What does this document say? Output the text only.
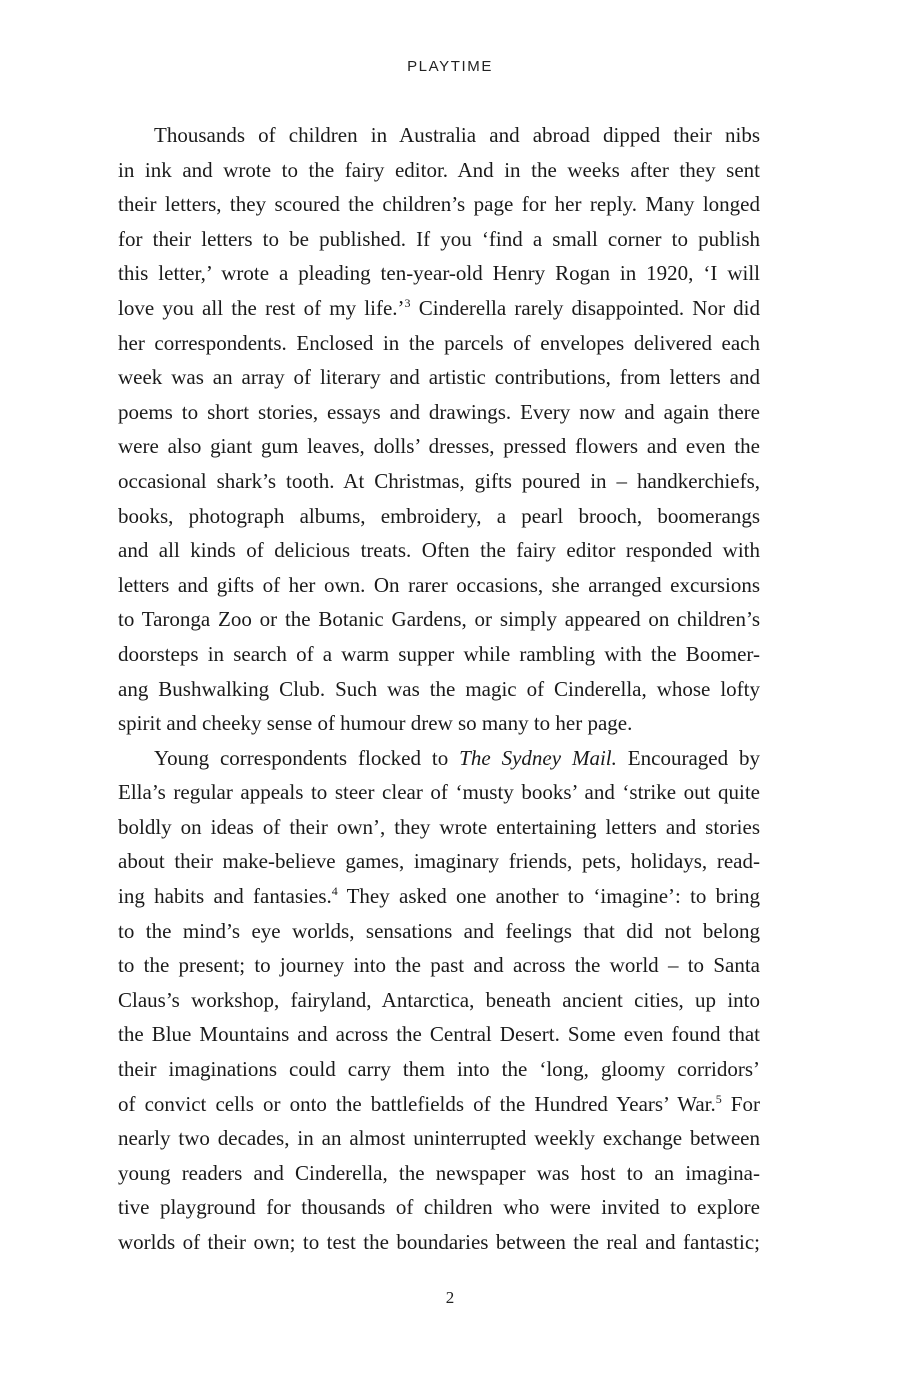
PLAYTIME
Thousands of children in Australia and abroad dipped their nibs
in ink and wrote to the fairy editor. And in the weeks after they sent
their letters, they scoured the children’s page for her reply. Many longed
for their letters to be published. If you ‘find a small corner to publish
this letter,’ wrote a pleading ten-year-old Henry Rogan in 1920, ‘I will
love you all the rest of my life.’$^3$ Cinderella rarely disappointed. Nor did
her correspondents. Enclosed in the parcels of envelopes delivered each
week was an array of literary and artistic contributions, from letters and
poems to short stories, essays and drawings. Every now and again there
were also giant gum leaves, dolls’ dresses, pressed flowers and even the
occasional shark’s tooth. At Christmas, gifts poured in – handkerchiefs,
books, photograph albums, embroidery, a pearl brooch, boomerangs
and all kinds of delicious treats. Often the fairy editor responded with
letters and gifts of her own. On rarer occasions, she arranged excursions
to Taronga Zoo or the Botanic Gardens, or simply appeared on children’s
doorsteps in search of a warm supper while rambling with the Boomer-
ang Bushwalking Club. Such was the magic of Cinderella, whose lofty
spirit and cheeky sense of humour drew so many to her page.
Young correspondents flocked to The Sydney Mail. Encouraged by
Ella’s regular appeals to steer clear of ‘musty books’ and ‘strike out quite
boldly on ideas of their own’, they wrote entertaining letters and stories
about their make-believe games, imaginary friends, pets, holidays, read-
ing habits and fantasies.$^4$ They asked one another to ‘imagine’: to bring
to the mind’s eye worlds, sensations and feelings that did not belong
to the present; to journey into the past and across the world – to Santa
Claus’s workshop, fairyland, Antarctica, beneath ancient cities, up into
the Blue Mountains and across the Central Desert. Some even found that
their imaginations could carry them into the ‘long, gloomy corridors’
of convict cells or onto the battlefields of the Hundred Years’ War.$^5$ For
nearly two decades, in an almost uninterrupted weekly exchange between
young readers and Cinderella, the newspaper was host to an imagina-
tive playground for thousands of children who were invited to explore
worlds of their own; to test the boundaries between the real and fantastic;
2
